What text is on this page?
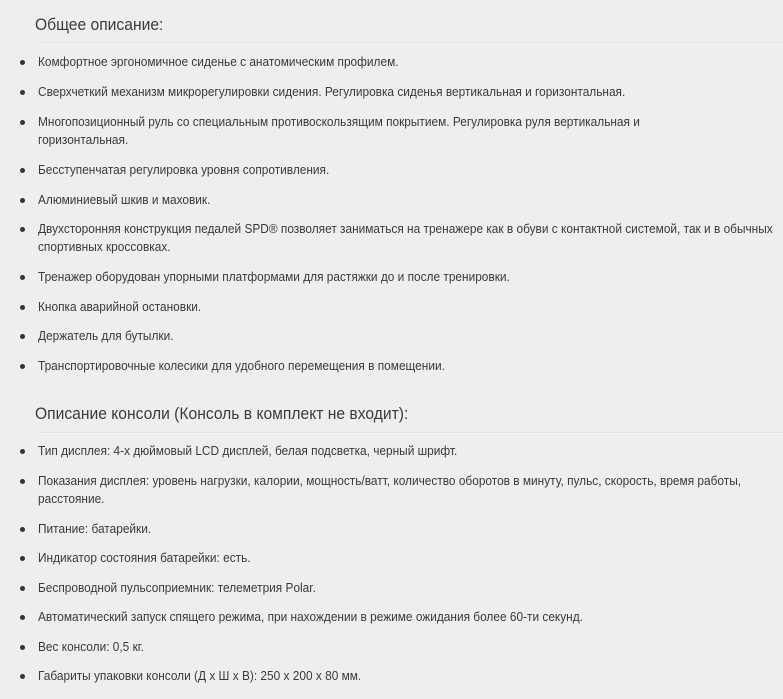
Общее описание:
Комфортное эргономичное сиденье с анатомическим профилем.
Сверхчеткий механизм микрорегулировки сидения. Регулировка сиденья вертикальная и горизонтальная.
Многопозиционный руль со специальным противоскользящим покрытием. Регулировка руля вертикальная и горизонтальная.
Бесступенчатая регулировка уровня сопротивления.
Алюминиевый шкив и маховик.
Двухсторонняя конструкция педалей SPD® позволяет заниматься на тренажере как в обуви с контактной системой, так и в обычных спортивных кроссовках.
Тренажер оборудован упорными платформами для растяжки до и после тренировки.
Кнопка аварийной остановки.
Держатель для бутылки.
Транспортировочные колесики для удобного перемещения в помещении.
Описание консоли (Консоль в комплект не входит):
Тип дисплея: 4-х дюймовый LCD дисплей, белая подсветка, черный шрифт.
Показания дисплея: уровень нагрузки, калории, мощность/ватт, количество оборотов в минуту, пульс, скорость, время работы, расстояние.
Питание: батарейки.
Индикатор состояния батарейки: есть.
Беспроводной пульсоприемник: телеметрия Polar.
Автоматический запуск спящего режима, при нахождении в режиме ожидания более 60-ти секунд.
Вес консоли: 0,5 кг.
Габариты упаковки консоли (Д х Ш х В): 250 х 200 х 80 мм.
